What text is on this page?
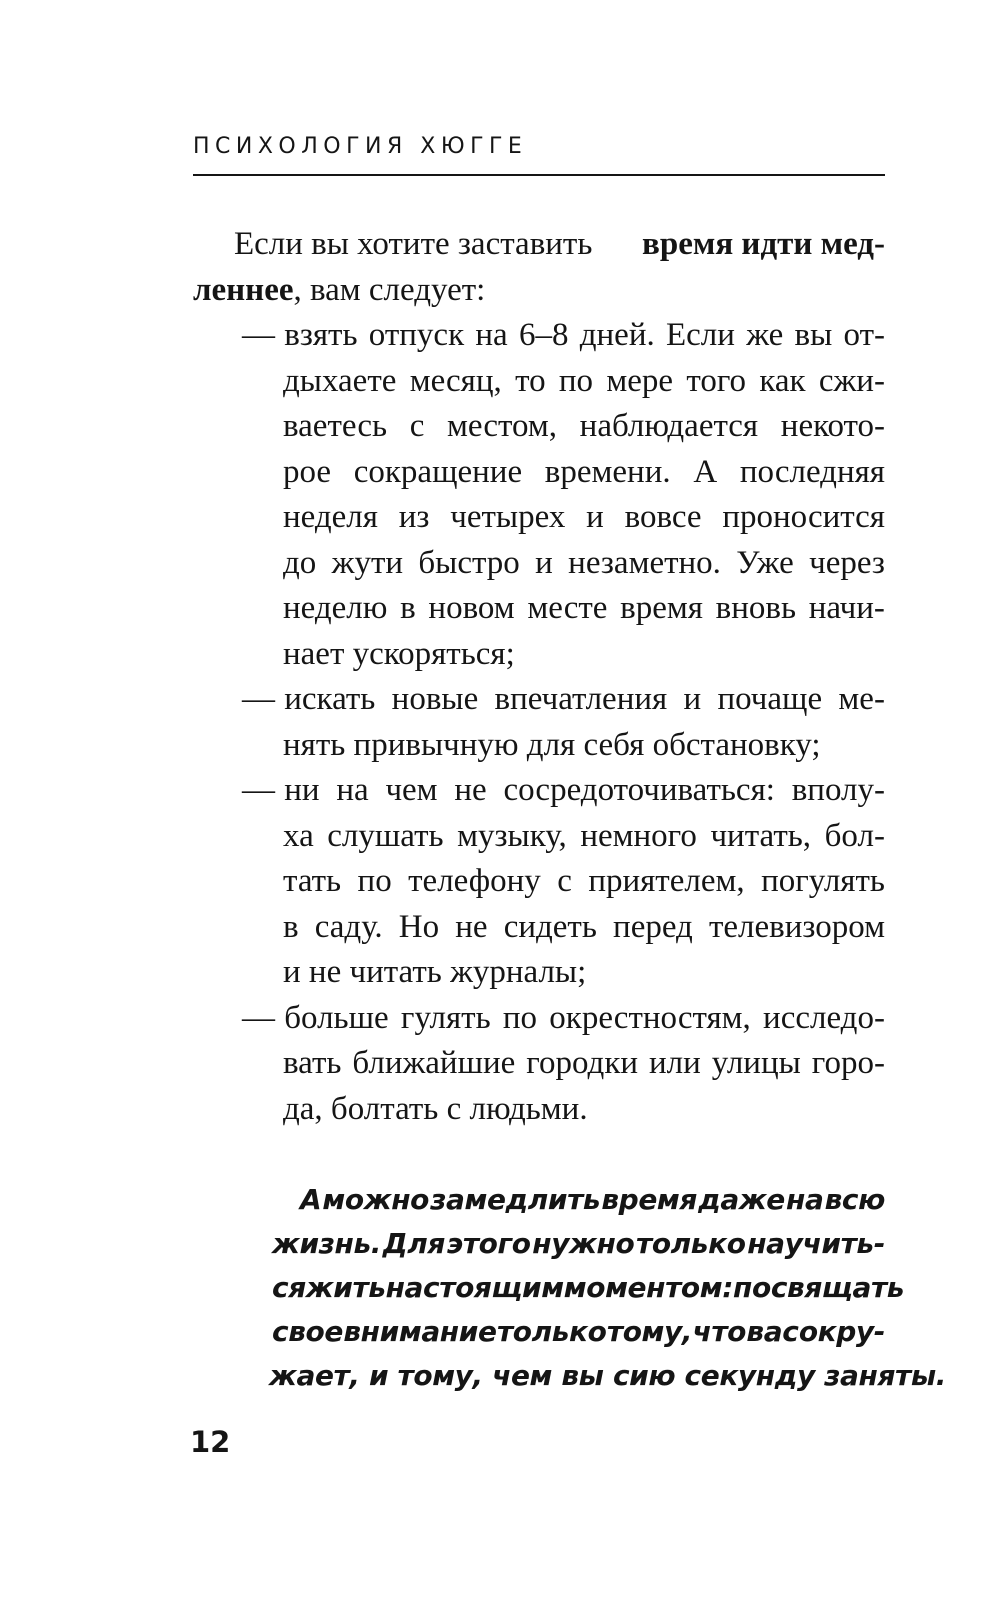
ПСИХОЛОГИЯ ХЮГГЕ
Если вы хотите заставить время идти мед-
леннее, вам следует:
— взять отпуск на 6–8 дней. Если же вы от-
дыхаете месяц, то по мере того как сжи-
ваетесь с местом, наблюдается некото-
рое сокращение времени. А последняя
неделя из четырех и вовсе проносится
до жути быстро и незаметно. Уже через
неделю в новом месте время вновь начи-
нает ускоряться;
— искать новые впечатления и почаще ме-
нять привычную для себя обстановку;
— ни на чем не сосредоточиваться: вполу-
ха слушать музыку, немного читать, бол-
тать по телефону с приятелем, погулять
в саду. Но не сидеть перед телевизором
и не читать журналы;
— больше гулять по окрестностям, исследо-
вать ближайшие городки или улицы горо-
да, болтать с людьми.
А можно замедлить время даже на всю
жизнь. Для этого нужно только научить-
ся жить настоящим моментом: посвящать
свое внимание только тому, что вас окру-
жает, и тому, чем вы сию секунду заняты.
12
